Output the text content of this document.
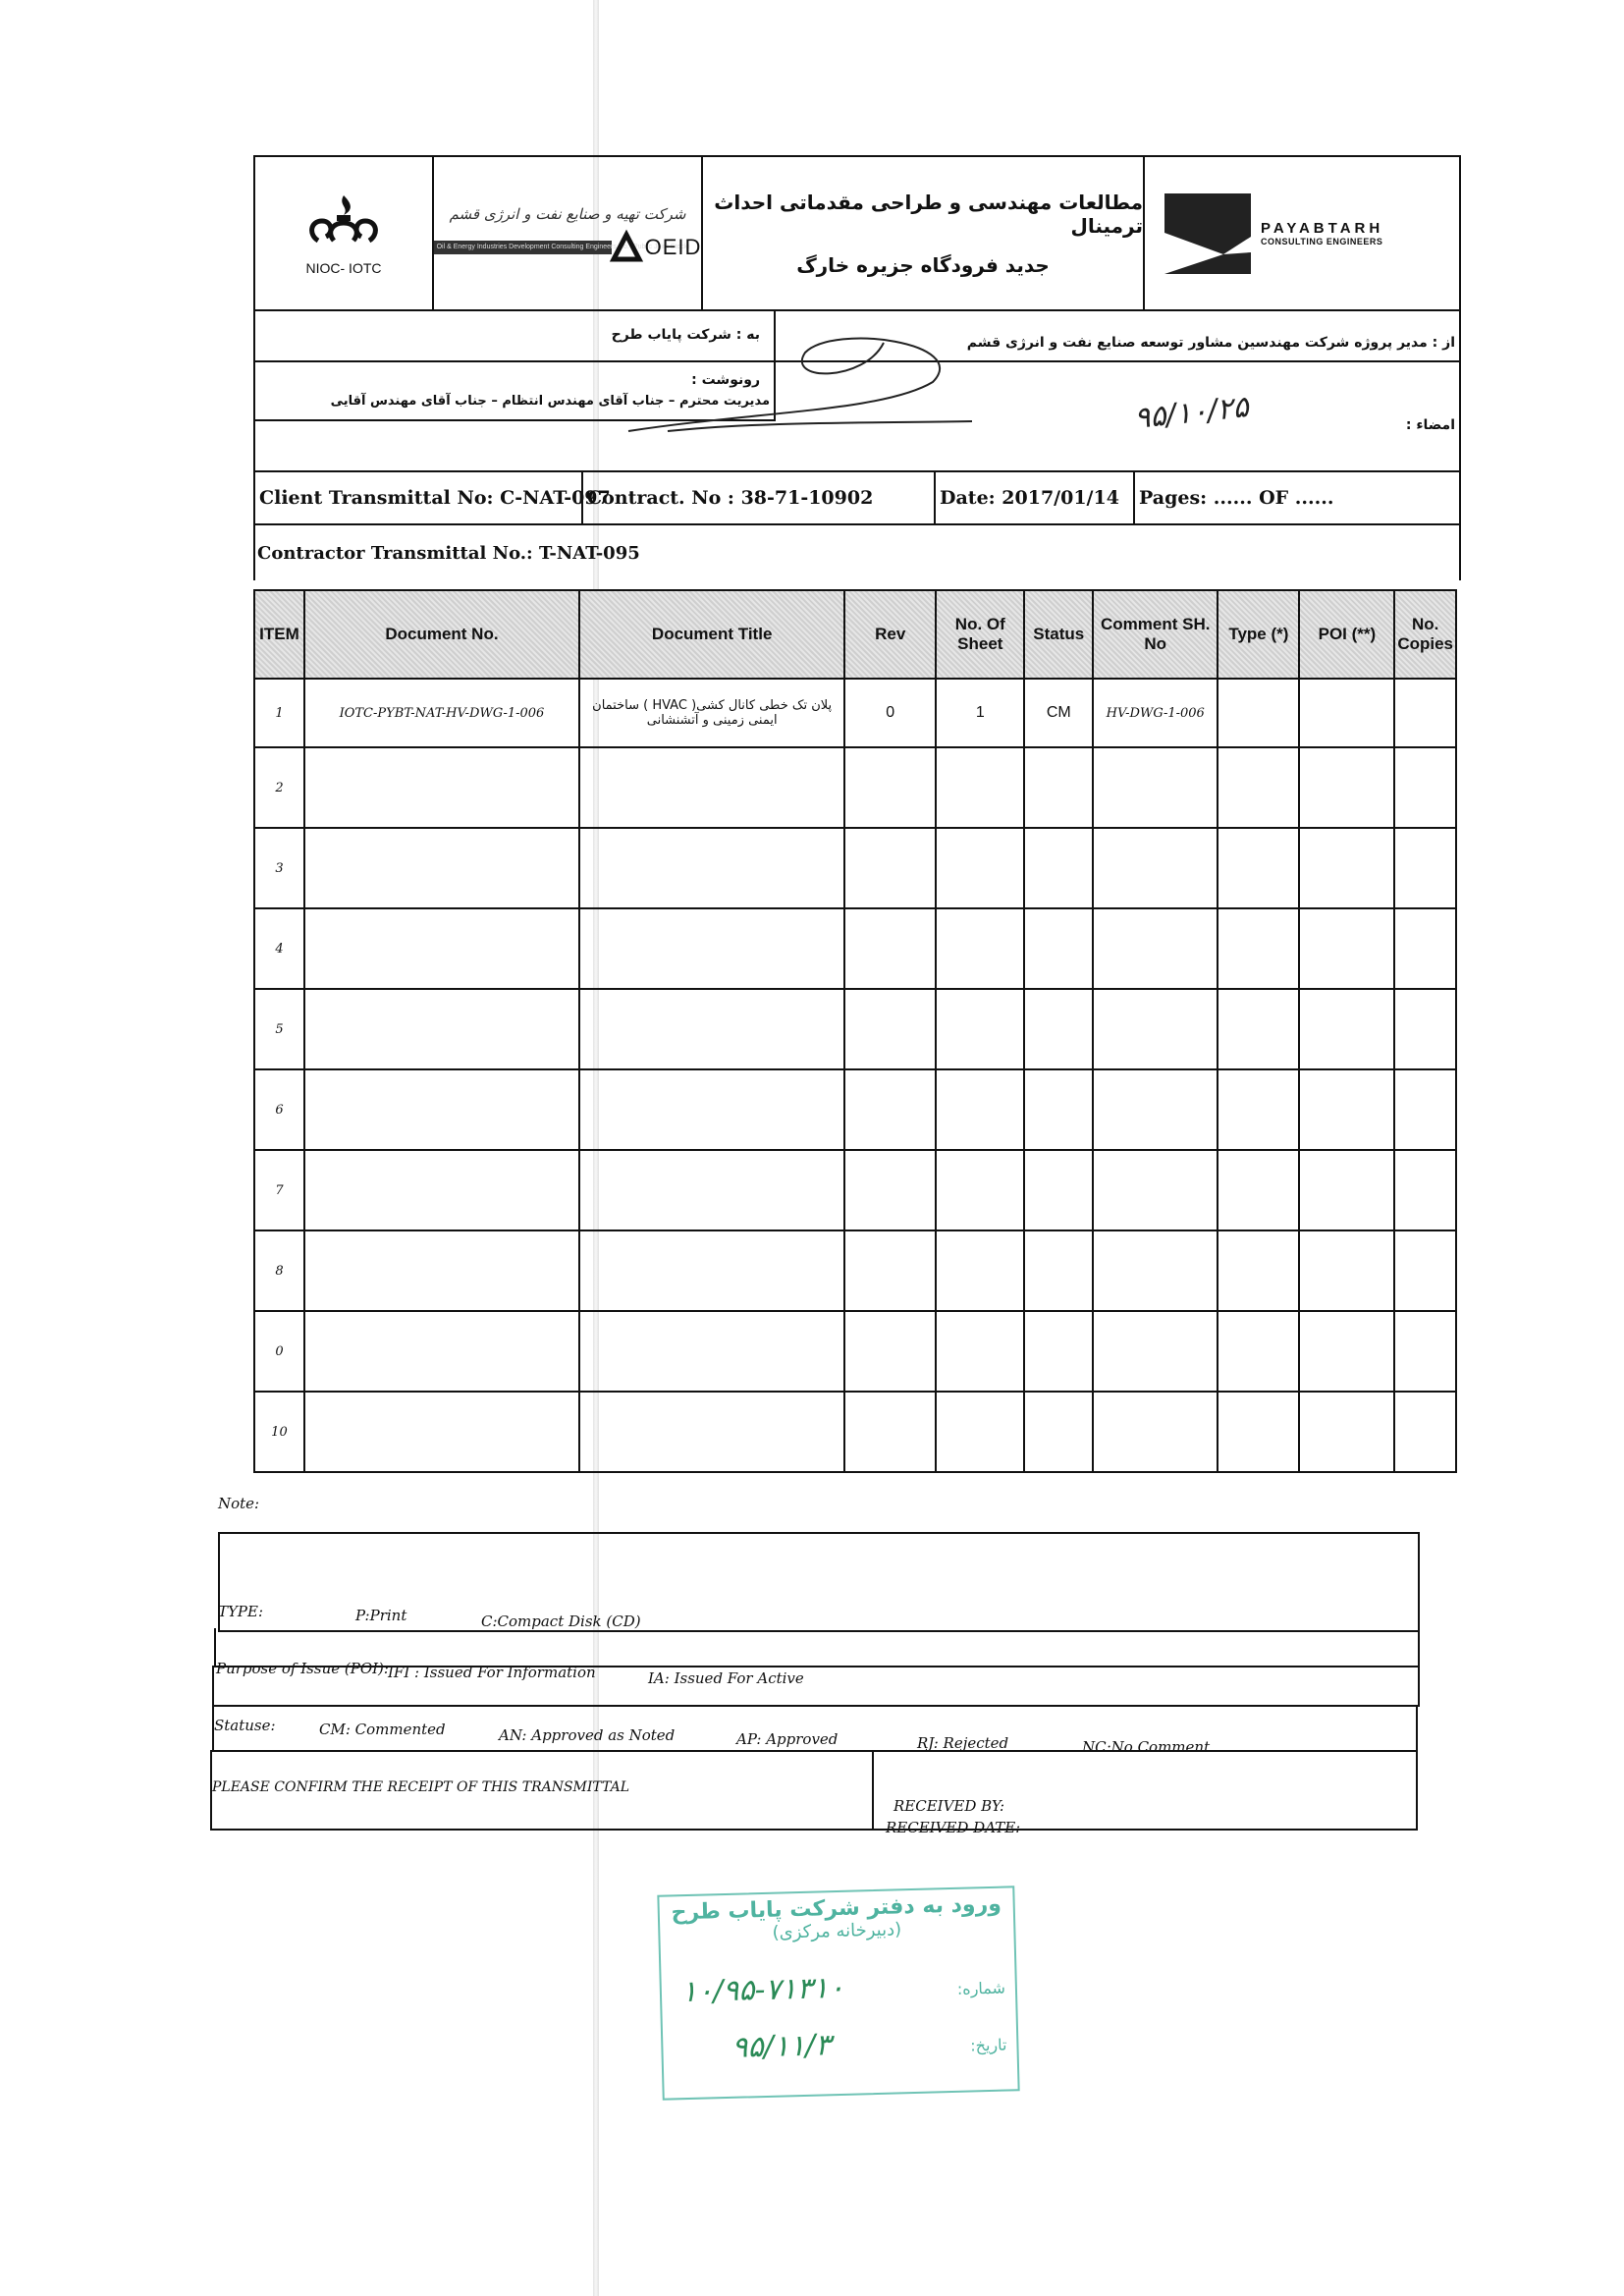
NIOC- IOTC
شرکت تهیه و صنایع نفت و انرژی قشم
Oil & Energy Industries Development Consulting Engineers Co. (Public Joint Stock)
OEID
مطالعات مهندسی و طراحی مقدماتی احداث ترمینال
جدید فرودگاه جزیره خارگ
PAYABTARH
CONSULTING ENGINEERS
به : شرکت پایاب طرح	از : مدیر پروژه شرکت مهندسین مشاور توسعه صنایع نفت و انرژی قشم
رونوشت :
مدیریت محترم – جناب آقای مهندس انتظام – جناب آقای مهندس آقایی
امضاء :
۹۵/۱۰/۲۵
Client Transmittal No: C-NAT-097
Contract. No : 38-71-10902	Date: 2017/01/14	Pages: ...... OF ......
Contractor Transmittal No.: T-NAT-095
ITEM	Document No.	Document Title	Rev	No. Of Sheet	Status	Comment SH. No	Type (*)	POI (**)	No. Copies
1	IOTC-PYBT-NAT-HV-DWG-1-006	پلان تک خطی کانال کشی( HVAC ) ساختمان ایمنی زمینی و آتشنشانی	0	1	CM	HV-DWG-1-006			
2									
3									
4									
5									
6									
7									
8									
0									
10									
Note:
TYPE:	P:Print	C:Compact Disk (CD)
Purpose of Issue (POI): IFI : Issued For Information	IA: Issued For Active
Statuse:	CM: Commented	AN: Approved as Noted	AP: Approved	RJ: Rejected	NC:No Comment
PLEASE CONFIRM THE RECEIPT OF THIS TRANSMITTAL
RECEIVED BY:
RECEIVED DATE:
ورود به دفتر شرکت پایاب طرح
(دبیرخانه مرکزی)
شماره:
۱۰/۹۵-۷۱۳۱۰
تاریخ:
۹۵/۱۱/۳
